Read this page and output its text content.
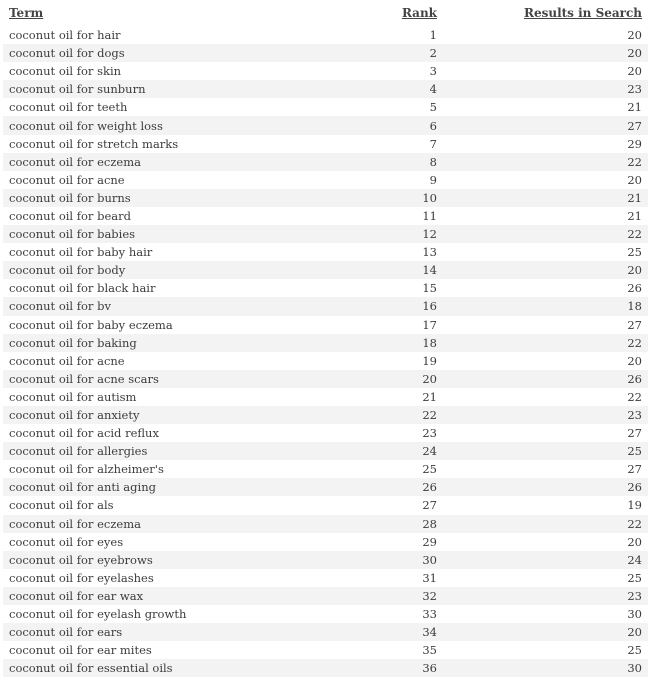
Term	Rank	Results in Search
coconut oil for hair	1	20
coconut oil for dogs	2	20
coconut oil for skin	3	20
coconut oil for sunburn	4	23
coconut oil for teeth	5	21
coconut oil for weight loss	6	27
coconut oil for stretch marks	7	29
coconut oil for eczema	8	22
coconut oil for acne	9	20
coconut oil for burns	10	21
coconut oil for beard	11	21
coconut oil for babies	12	22
coconut oil for baby hair	13	25
coconut oil for body	14	20
coconut oil for black hair	15	26
coconut oil for bv	16	18
coconut oil for baby eczema	17	27
coconut oil for baking	18	22
coconut oil for acne	19	20
coconut oil for acne scars	20	26
coconut oil for autism	21	22
coconut oil for anxiety	22	23
coconut oil for acid reflux	23	27
coconut oil for allergies	24	25
coconut oil for alzheimer's	25	27
coconut oil for anti aging	26	26
coconut oil for als	27	19
coconut oil for eczema	28	22
coconut oil for eyes	29	20
coconut oil for eyebrows	30	24
coconut oil for eyelashes	31	25
coconut oil for ear wax	32	23
coconut oil for eyelash growth	33	30
coconut oil for ears	34	20
coconut oil for ear mites	35	25
coconut oil for essential oils	36	30
